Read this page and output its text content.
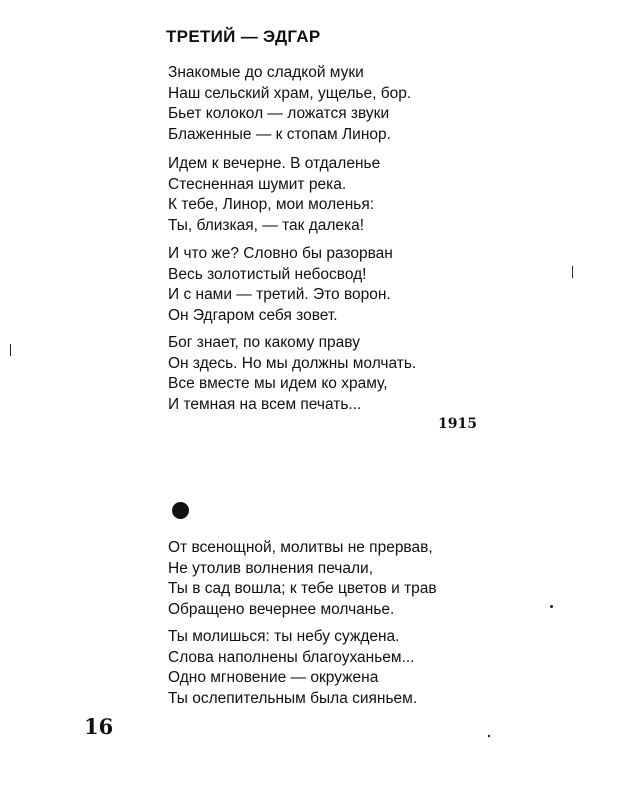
ТРЕТИЙ — ЭДГАР

Знакомые до сладкой муки
Наш сельский храм, ущелье, бор.
Бьет колокол — ложатся звуки
Блаженные — к стопам Линор.

Идем к вечерне. В отдаленье
Стесненная шумит река.
К тебе, Линор, мои моленья:
Ты, близкая, — так далека!

И что же? Словно бы разорван
Весь золотистый небосвод!
И с нами — третий. Это ворон.
Он Эдгаром себя зовет.

Бог знает, по какому праву
Он здесь. Но мы должны молчать.
Все вместе мы идем ко храму,
И темная на всем печать...

1915

От всенощной, молитвы не прервав,
Не утолив волнения печали,
Ты в сад вошла; к тебе цветов и трав
Обращено вечернее молчанье.

Ты молишься: ты небу суждена.
Слова наполнены благоуханьем...
Одно мгновение — окружена
Ты ослепительным была сияньем.

16
